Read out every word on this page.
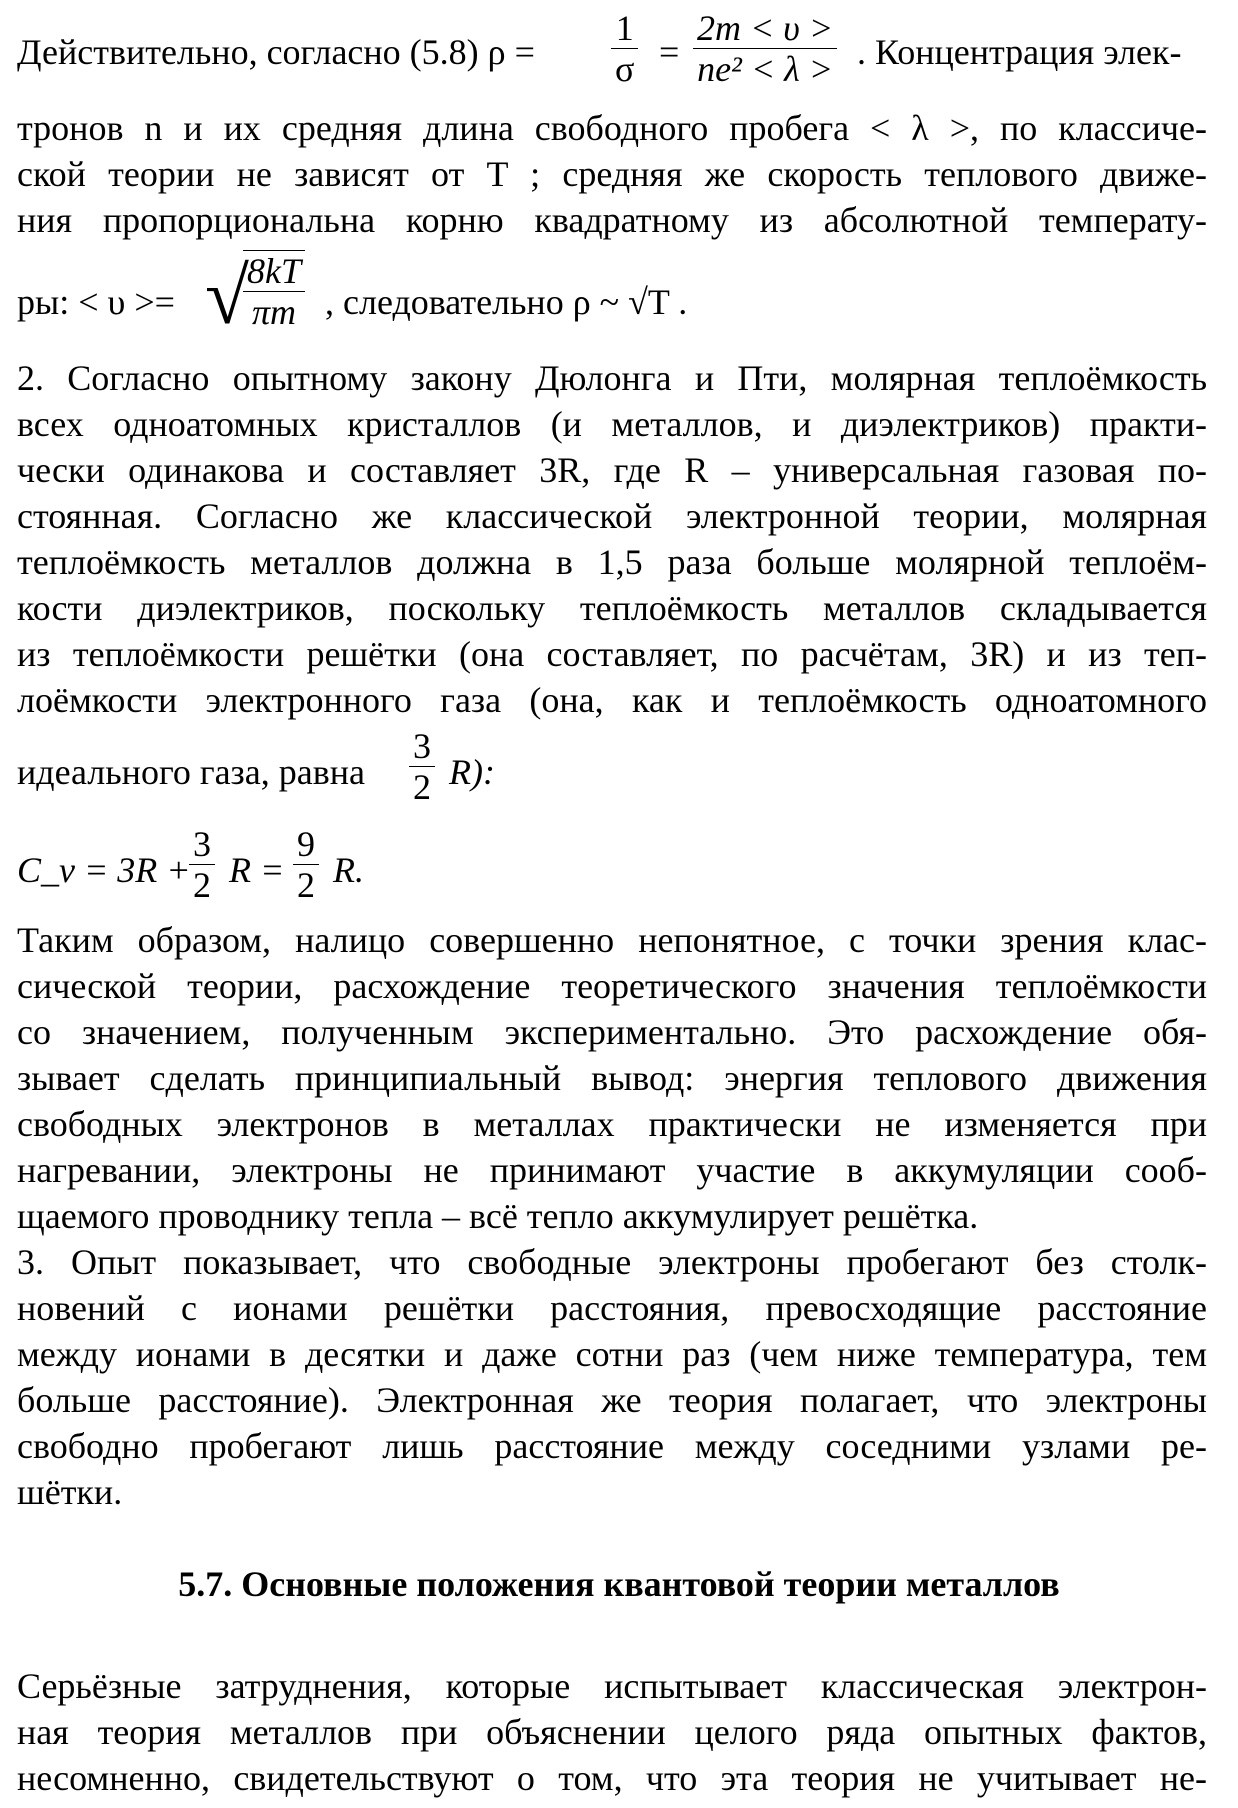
Действительно, согласно (5.8) $\rho = \frac{1}{\sigma} = \frac{2m < \upsilon >}{\text{ne² < λ >}}$ . Концентрация элек-
тронов n и их средняя длина свободного пробега < λ >, по классиче-
ской теории не зависят от T ; средняя же скорость теплового движе-
ния пропорциональна корню квадратному из абсолютной температу-
ры: < υ >= √
$\frac{8kT}{\pi m}$ , следовательно ρ ~ √T .
2. Согласно опытному закону Дюлонга и Пти, молярная теплоёмкость
всех одноатомных кристаллов (и металлов, и диэлектриков) практи-
чески одинакова и составляет 3R, где R – универсальная газовая по-
стоянная. Согласно же классической электронной теории, молярная
теплоёмкость металлов должна в 1,5 раза больше молярной теплоём-
кости диэлектриков, поскольку теплоёмкость металлов складывается
из теплоёмкости решётки (она составляет, по расчётам, 3R) и из теп-
лоёмкости электронного газа (она, как и теплоёмкость одноатомного
идеального газа, равна $\frac{3}{2} R$):
C_v = 3R +
$\frac{3}{2}$ $R = \frac{9}{2} R$.
Таким образом, налицо совершенно непонятное, с точки зрения клас-
сической теории, расхождение теоретического значения теплоёмкости
со значением, полученным экспериментально. Это расхождение обя-
зывает сделать принципиальный вывод: энергия теплового движения
свободных электронов в металлах практически не изменяется при
нагревании, электроны не принимают участие в аккумуляции сооб-
щаемого проводнику тепла – всё тепло аккумулирует решётка.
3. Опыт показывает, что свободные электроны пробегают без столк-
новений с ионами решётки расстояния, превосходящие расстояние
между ионами в десятки и даже сотни раз (чем ниже температура, тем
больше расстояние). Электронная же теория полагает, что электроны
свободно пробегают лишь расстояние между соседними узлами ре-
шётки.
5.7. Основные положения квантовой теории металлов
Серьёзные затруднения, которые испытывает классическая электрон-
ная теория металлов при объяснении целого ряда опытных фактов,
несомненно, свидетельствуют о том, что эта теория не учитывает не-
